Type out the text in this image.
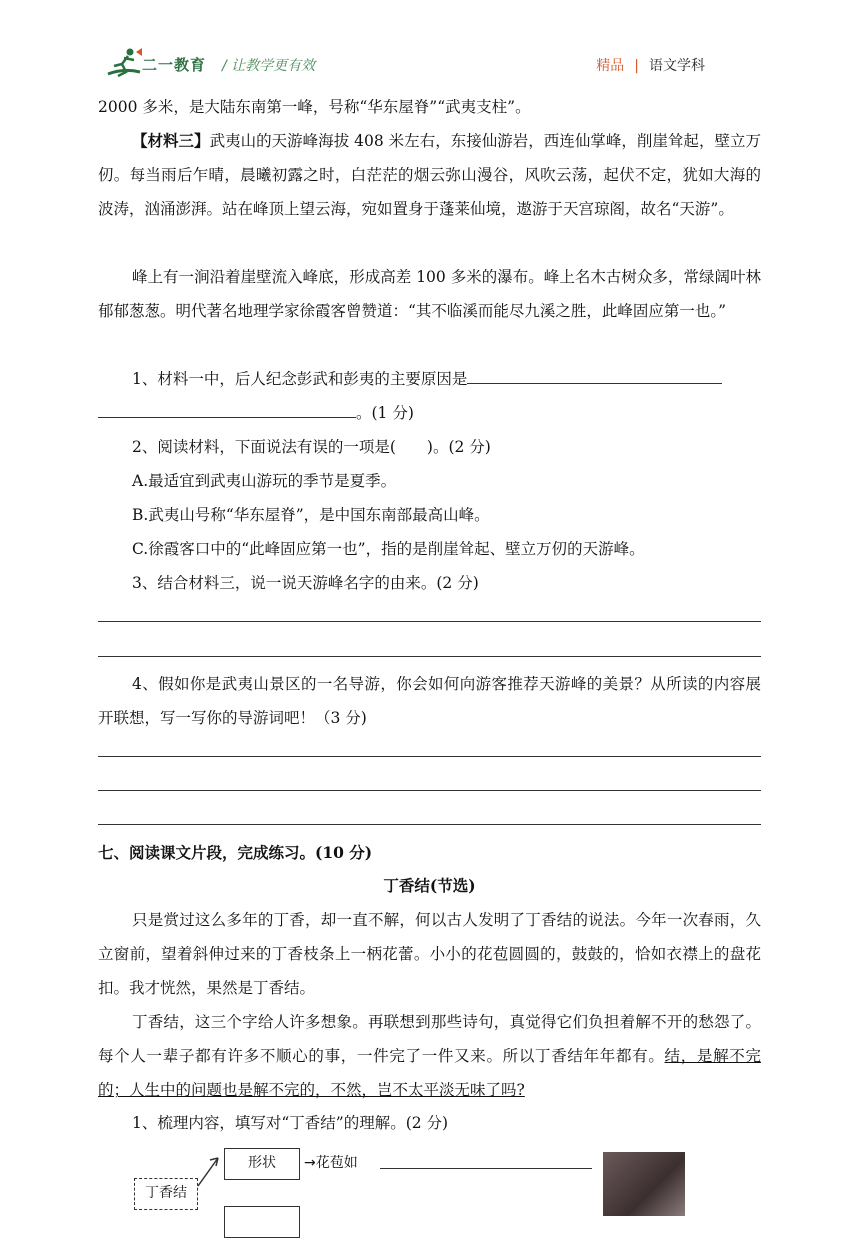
二一教育 / 让教学更有效	精品 | 语文学科
2000 多米，是大陆东南第一峰，号称“华东屋脊”“武夷支柱”。
【材料三】武夷山的天游峰海拔 408 米左右，东接仙游岩，西连仙掌峰，削崖耸起，壁立万仞。每当雨后乍晴，晨曦初露之时，白茫茫的烟云弥山漫谷，风吹云荡，起伏不定，犹如大海的波涛，汹涌澎湃。站在峰顶上望云海，宛如置身于蓬莱仙境，遨游于天宫琼阁，故名“天游”。
峰上有一涧沿着崖壁流入峰底，形成高差 100 多米的瀑布。峰上名木古树众多，常绿阔叶林郁郁葱葱。明代著名地理学家徐霞客曾赞道：“其不临溪而能尽九溪之胜，此峰固应第一也。”
1、材料一中，后人纪念彭武和彭夷的主要原因是
。(1 分)
2、阅读材料，下面说法有误的一项是(　　)。(2 分)
A.最适宜到武夷山游玩的季节是夏季。
B.武夷山号称“华东屋脊”，是中国东南部最高山峰。
C.徐霞客口中的“此峰固应第一也”，指的是削崖耸起、壁立万仞的天游峰。
3、结合材料三，说一说天游峰名字的由来。(2 分)
4、假如你是武夷山景区的一名导游，你会如何向游客推荐天游峰的美景？从所读的内容展开联想，写一写你的导游词吧！（3 分)
七、阅读课文片段，完成练习。(10 分)
丁香结(节选)
只是赏过这么多年的丁香，却一直不解，何以古人发明了丁香结的说法。今年一次春雨，久立窗前，望着斜伸过来的丁香枝条上一柄花蕾。小小的花苞圆圆的，鼓鼓的，恰如衣襟上的盘花扣。我才恍然，果然是丁香结。
丁香结，这三个字给人许多想象。再联想到那些诗句，真觉得它们负担着解不开的愁怨了。每个人一辈子都有许多不顺心的事，一件完了一件又来。所以丁香结年年都有。结，是解不完的；人生中的问题也是解不完的，不然，岂不太平淡无味了吗?
1、梳理内容，填写对“丁香结”的理解。(2 分)
丁香结
形状	→花苞如
